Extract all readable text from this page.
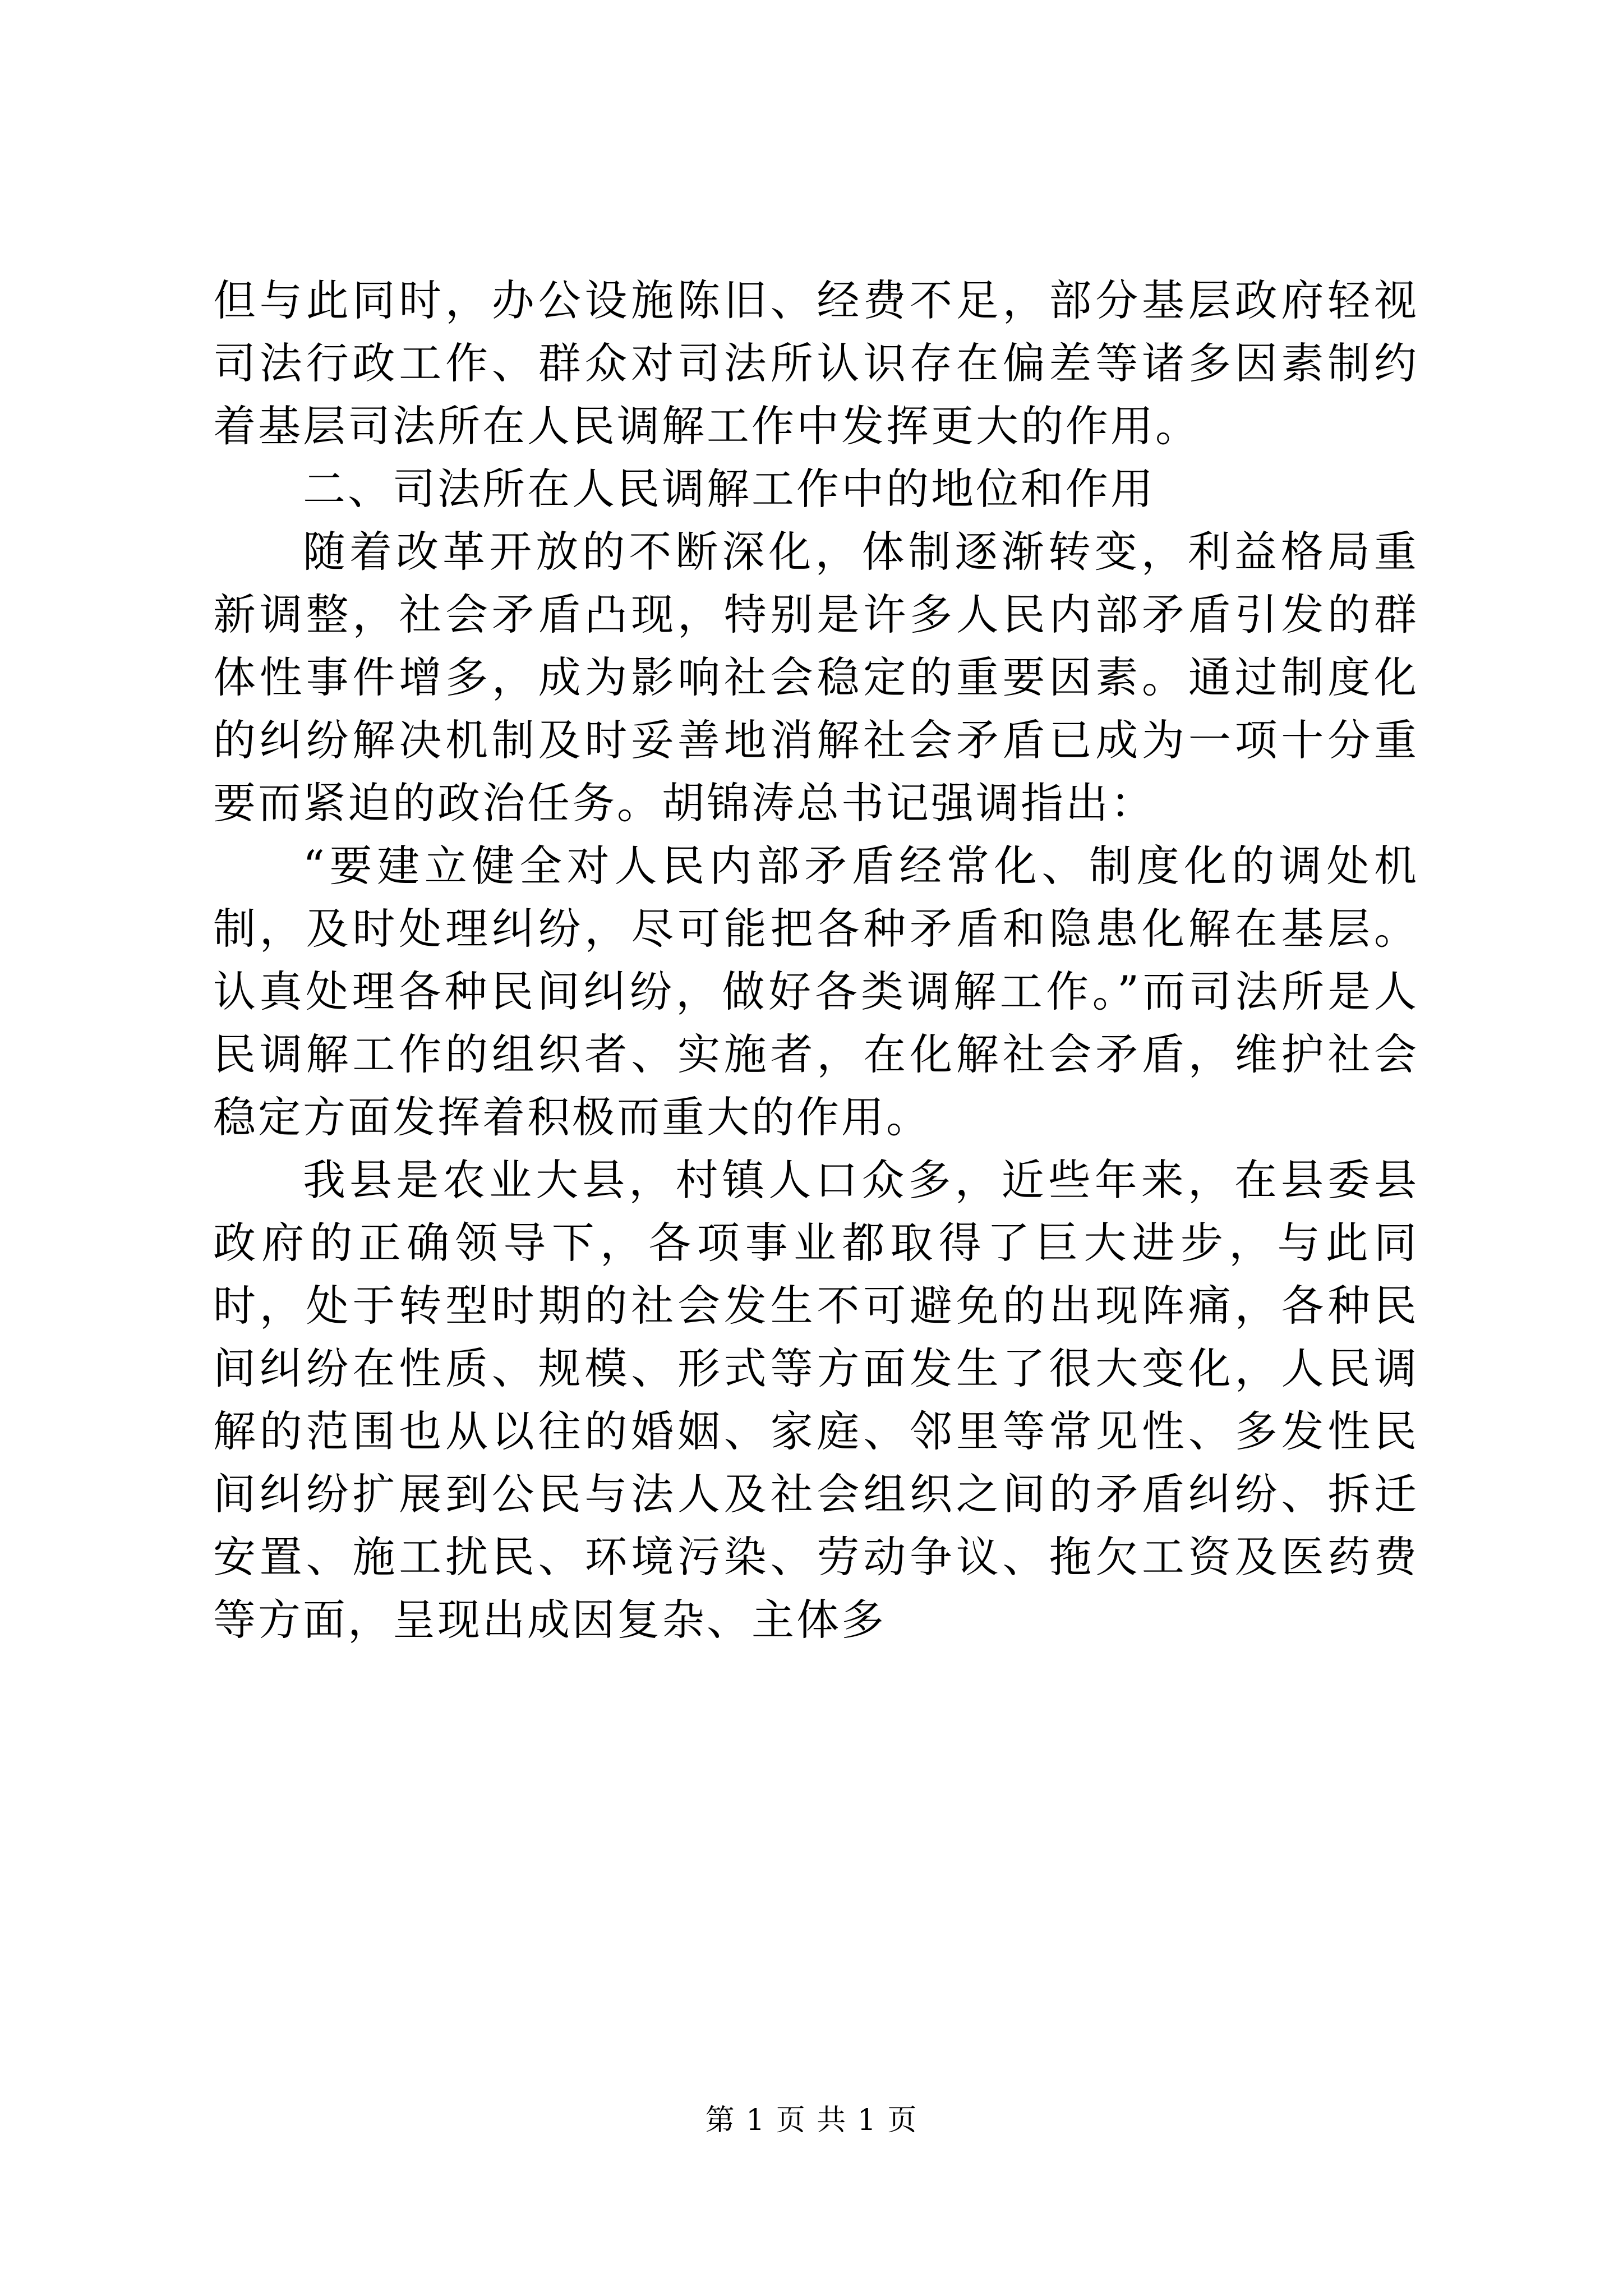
但与此同时，办公设施陈旧、经费不足，部分基层政府轻视司法行政工作、群众对司法所认识存在偏差等诸多因素制约着基层司法所在人民调解工作中发挥更大的作用。

二、司法所在人民调解工作中的地位和作用

随着改革开放的不断深化，体制逐渐转变，利益格局重新调整，社会矛盾凸现，特别是许多人民内部矛盾引发的群体性事件增多，成为影响社会稳定的重要因素。通过制度化的纠纷解决机制及时妥善地消解社会矛盾已成为一项十分重要而紧迫的政治任务。胡锦涛总书记强调指出：

“要建立健全对人民内部矛盾经常化、制度化的调处机制，及时处理纠纷，尽可能把各种矛盾和隐患化解在基层。认真处理各种民间纠纷，做好各类调解工作。”而司法所是人民调解工作的组织者、实施者，在化解社会矛盾，维护社会稳定方面发挥着积极而重大的作用。

我县是农业大县，村镇人口众多，近些年来，在县委县政府的正确领导下，各项事业都取得了巨大进步，与此同时，处于转型时期的社会发生不可避免的出现阵痛，各种民间纠纷在性质、规模、形式等方面发生了很大变化，人民调解的范围也从以往的婚姻、家庭、邻里等常见性、多发性民间纠纷扩展到公民与法人及社会组织之间的矛盾纠纷、拆迁安置、施工扰民、环境污染、劳动争议、拖欠工资及医药费等方面，呈现出成因复杂、主体多

第 1 页 共 1 页
